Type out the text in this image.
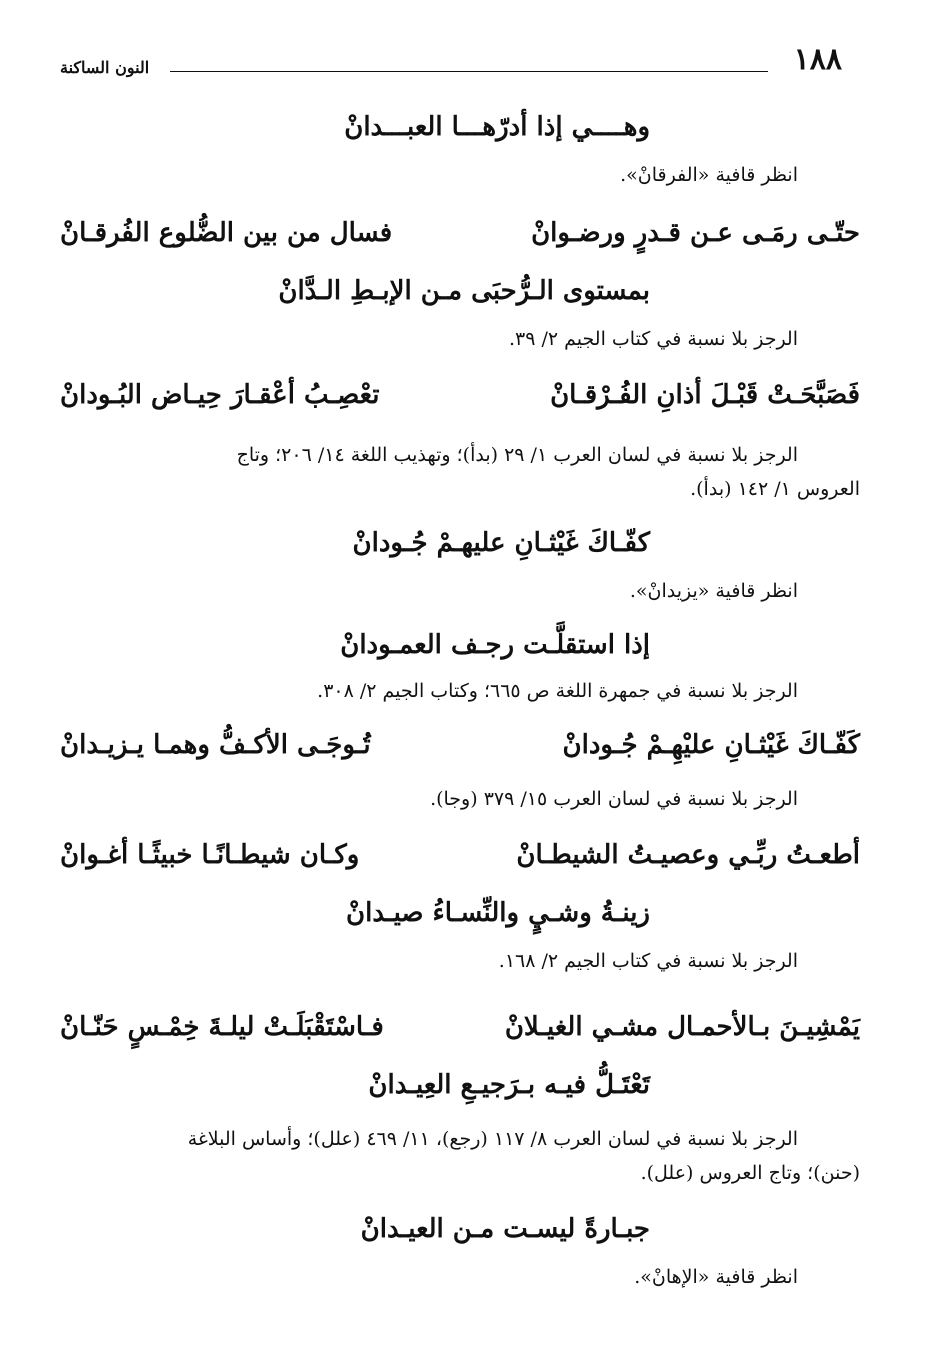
١٨٨
النون الساكنة
وهــــي إذا أدرّهـــا العبـــدانْ
انظر قافية «الفرقانْ».
حتّـى رمَـى عـن قـدرٍ ورضـوانْ
فسال من بين الضُّلوع الفُرقـانْ
بمستوى الـرُّحبَى مـن الإبـطِ الـدَّانْ
الرجز بلا نسبة في كتاب الجيم ٢/ ٣٩.
فَصَبَّحَـتْ قَبْـلَ أذانِ الفُـرْقـانْ
تعْصِـبُ أعْقـارَ حِيـاض البُـودانْ
الرجز بلا نسبة في لسان العرب ١/ ٢٩ (بدأ)؛ وتهذيب اللغة ١٤/ ٢٠٦؛ وتاج
العروس ١/ ١٤٢ (بدأ).
كفّـاكَ غَيْثـانِ عليهـمْ جُـودانْ
انظر قافية «يزيدانْ».
إذا استقلَّـت رجـف العمـودانْ
الرجز بلا نسبة في جمهرة اللغة ص ٦٦٥؛ وكتاب الجيم ٢/ ٣٠٨.
كَفّـاكَ غَيْثـانِ عليْهِـمْ جُـودانْ
تُـوجَـى الأكـفُّ وهمـا يـزيـدانْ
الرجز بلا نسبة في لسان العرب ١٥/ ٣٧٩ (وجا).
أطعـتُ ربِّـي وعصيـتُ الشيطـانْ
وكـان شيطـانًـا خبيثًـا أغـوانْ
زينـةُ وشـيٍ والنِّسـاءُ صيـدانْ
الرجز بلا نسبة في كتاب الجيم ٢/ ١٦٨.
يَمْشِيـنَ بـالأحمـال مشـي الغيـلانْ
فـاسْتَقْبَلَـتْ ليلـةَ خِمْـسٍ حَنّـانْ
تَعْتَـلُّ فيـه بـرَجيـعِ العِيـدانْ
الرجز بلا نسبة في لسان العرب ٨/ ١١٧ (رجع)، ١١/ ٤٦٩ (علل)؛ وأساس البلاغة
(حنن)؛ وتاج العروس (علل).
جبـارةً ليسـت مـن العيـدانْ
انظر قافية «الإهانْ».
